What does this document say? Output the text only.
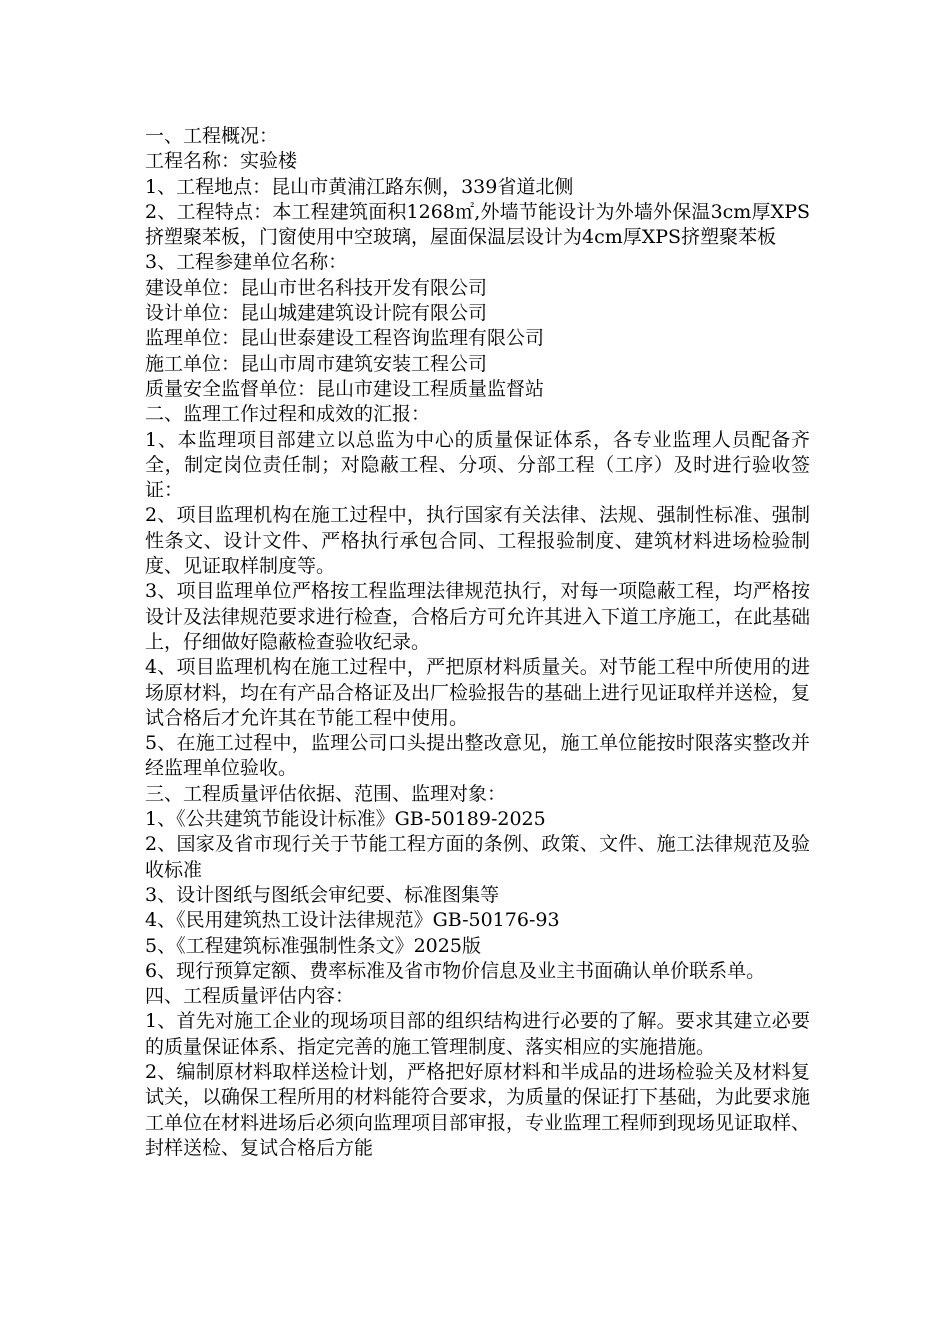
一、工程概况：

工程名称：实验楼

1、工程地点：昆山市黄浦江路东侧，339省道北侧

2、工程特点：本工程建筑面积1268㎡,外墙节能设计为外墙外保温3cm厚XPS挤塑聚苯板，门窗使用中空玻璃，屋面保温层设计为4cm厚XPS挤塑聚苯板

3、工程参建单位名称：

建设单位：昆山市世名科技开发有限公司

设计单位：昆山城建建筑设计院有限公司

监理单位：昆山世泰建设工程咨询监理有限公司

施工单位：昆山市周市建筑安装工程公司

质量安全监督单位：昆山市建设工程质量监督站

二、监理工作过程和成效的汇报：

1、本监理项目部建立以总监为中心的质量保证体系，各专业监理人员配备齐全，制定岗位责任制；对隐蔽工程、分项、分部工程（工序）及时进行验收签证：

2、项目监理机构在施工过程中，执行国家有关法律、法规、强制性标准、强制性条文、设计文件、严格执行承包合同、工程报验制度、建筑材料进场检验制度、见证取样制度等。

3、项目监理单位严格按工程监理法律规范执行，对每一项隐蔽工程，均严格按设计及法律规范要求进行检查，合格后方可允许其进入下道工序施工，在此基础上，仔细做好隐蔽检查验收纪录。

4、项目监理机构在施工过程中，严把原材料质量关。对节能工程中所使用的进场原材料，均在有产品合格证及出厂检验报告的基础上进行见证取样并送检，复试合格后才允许其在节能工程中使用。

5、在施工过程中，监理公司口头提出整改意见，施工单位能按时限落实整改并经监理单位验收。

三、工程质量评估依据、范围、监理对象：

1、《公共建筑节能设计标准》GB-50189-2025

2、国家及省市现行关于节能工程方面的条例、政策、文件、施工法律规范及验收标准

3、设计图纸与图纸会审纪要、标准图集等

4、《民用建筑热工设计法律规范》GB-50176-93

5、《工程建筑标准强制性条文》2025版

6、现行预算定额、费率标准及省市物价信息及业主书面确认单价联系单。

四、工程质量评估内容：

1、首先对施工企业的现场项目部的组织结构进行必要的了解。要求其建立必要的质量保证体系、指定完善的施工管理制度、落实相应的实施措施。

2、编制原材料取样送检计划，严格把好原材料和半成品的进场检验关及材料复试关，以确保工程所用的材料能符合要求，为质量的保证打下基础，为此要求施工单位在材料进场后必须向监理项目部审报，专业监理工程师到现场见证取样、封样送检、复试合格后方能
